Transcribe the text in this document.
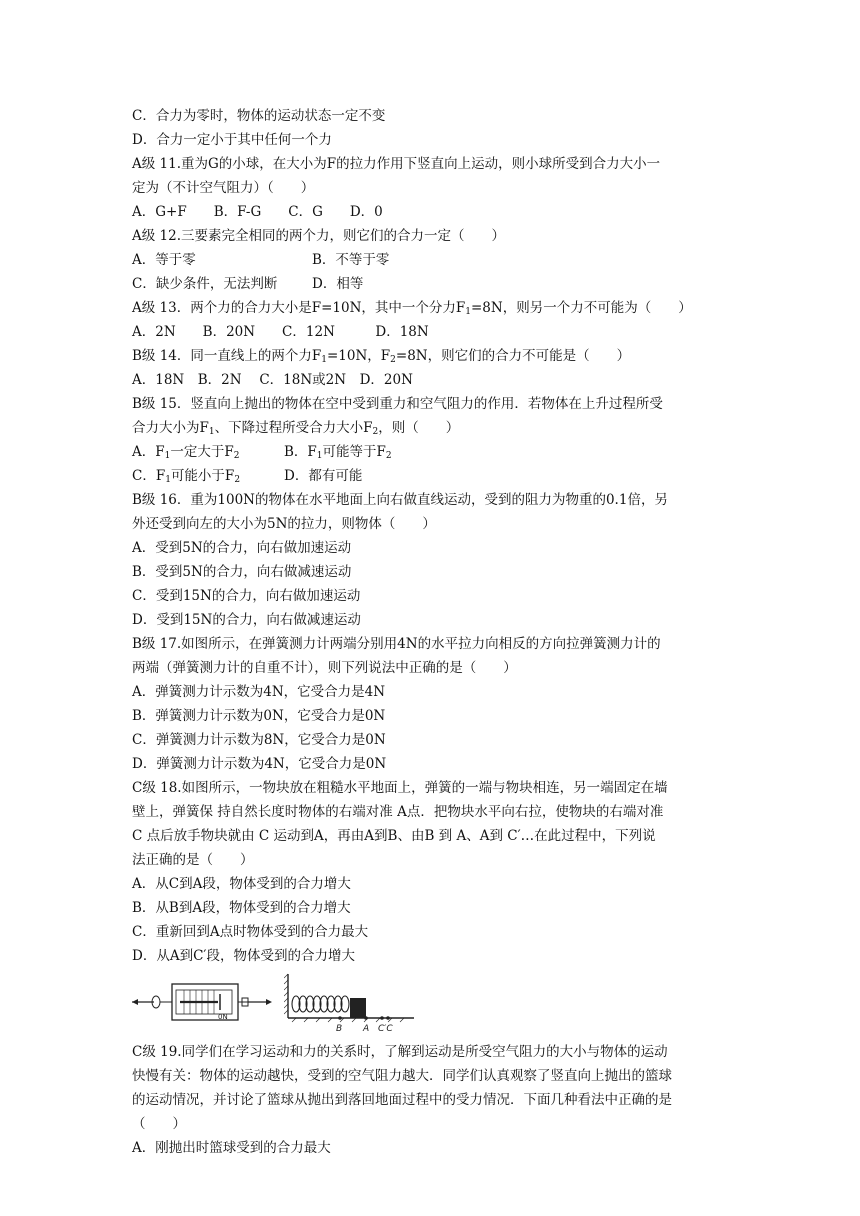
C．合力为零时，物体的运动状态一定不变
D．合力一定小于其中任何一个力
A级 11.重为G的小球，在大小为F的拉力作用下竖直向上运动，则小球所受到合力大小一
定为（不计空气阻力）（　　）
A．G+F　　B．F-G　　C．G　　D．0
A级 12.三要素完全相同的两个力，则它们的合力一定（　　）
A．等于零	B．不等于零
C．缺少条件，无法判断	D．相等
A级 13．两个力的合力大小是F=10N，其中一个分力$F_1=8N$，则另一个力不可能为（　　）
A．2N　　B．20N　　C．12N　　　D．18N
B级 14．同一直线上的两个力$F_1=10N$，$F_2=8N$，则它们的合力不可能是（　　）
A．18N　B．2N　 C．18N或2N　D．20N
B级 15．竖直向上抛出的物体在空中受到重力和空气阻力的作用．若物体在上升过程所受
合力大小为$F_1$、下降过程所受合力大小$F_2$，则（　　）
A．$F_1$一定大于$F_2$	B．$F_1$可能等于$F_2$
C．$F_1$可能小于$F_2$	D．都有可能
B级 16．重为100N的物体在水平地面上向右做直线运动，受到的阻力为物重的0.1倍，另
外还受到向左的大小为5N的拉力，则物体（　　）
A．受到5N的合力，向右做加速运动
B．受到5N的合力，向右做减速运动
C．受到15N的合力，向右做加速运动
D．受到15N的合力，向右做减速运动
B级 17.如图所示，在弹簧测力计两端分别用4N的水平拉力向相反的方向拉弹簧测力计的
两端（弹簧测力计的自重不计），则下列说法中正确的是（　　）
A．弹簧测力计示数为4N，它受合力是4N
B．弹簧测力计示数为0N，它受合力是0N
C．弹簧测力计示数为8N，它受合力是0N
D．弹簧测力计示数为4N，它受合力是0N
C级 18.如图所示，一物块放在粗糙水平地面上，弹簧的一端与物块相连，另一端固定在墙
壁上，弹簧保 持自然长度时物体的右端对准 A点．把物块水平向右拉，使物块的右端对准
C 点后放手物块就由 C 运动到A，再由A到B、由B 到 A、A到 C′…在此过程中，下列说
法正确的是（　　）
A．从C到A段，物体受到的合力增大
B．从B到A段，物体受到的合力增大
C．重新回到A点时物体受到的合力最大
D．从A到C′段，物体受到的合力增大
0N
B A C′C
C级 19.同学们在学习运动和力的关系时，了解到运动是所受空气阻力的大小与物体的运动
快慢有关：物体的运动越快，受到的空气阻力越大．同学们认真观察了竖直向上抛出的篮球
的运动情况，并讨论了篮球从抛出到落回地面过程中的受力情况．下面几种看法中正确的是
（　　）
A．刚抛出时篮球受到的合力最大
